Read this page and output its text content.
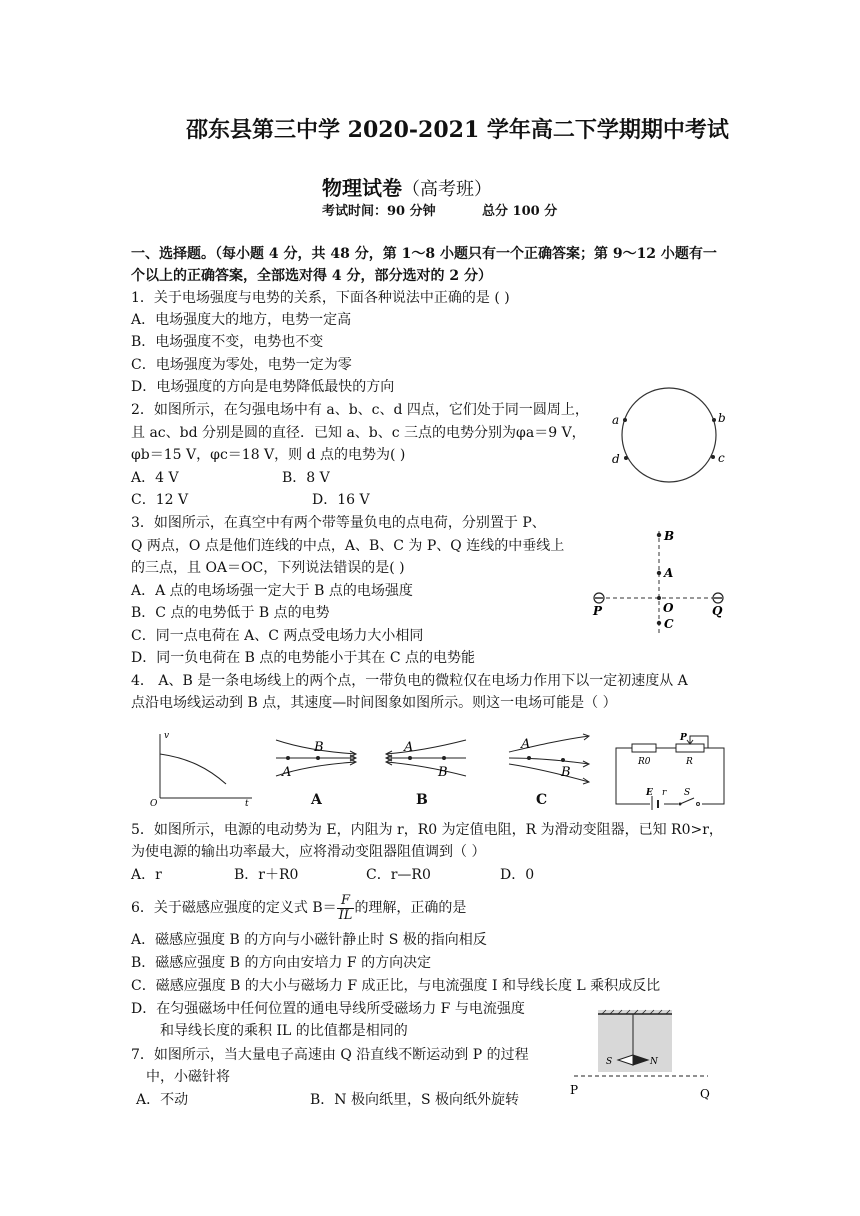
邵东县第三中学 2020-2021 学年高二下学期期中考试
物理试卷（高考班）
考试时间：90 分钟	总分 100 分
一、选择题。（每小题 4 分，共 48 分，第 1～8 小题只有一个正确答案；第 9～12 小题有一
个以上的正确答案，全部选对得 4 分，部分选对的 2 分）
1．关于电场强度与电势的关系，下面各种说法中正确的是 ( )
A．电场强度大的地方，电势一定高
B．电场强度不变，电势也不变
C．电场强度为零处，电势一定为零
D．电场强度的方向是电势降低最快的方向
2．如图所示，在匀强电场中有 a、b、c、d 四点，它们处于同一圆周上，
且 ac、bd 分别是圆的直径．已知 a、b、c 三点的电势分别为φa＝9 V，
φb＝15 V，φc＝18 V，则 d 点的电势为( )
A．4 V	B．8 V
C．12 V	D．16 V
a	b
c
d
3．如图所示，在真空中有两个带等量负电的点电荷，分别置于 P、
Q 两点，O 点是他们连线的中点，A、B、C 为 P、Q 连线的中垂线上
的三点，且 OA＝OC，下列说法错误的是( )
A．A 点的电场场强一定大于 B 点的电场强度
B．C 点的电势低于 B 点的电势
C．同一点电荷在 A、C 两点受电场力大小相同
D．同一负电荷在 B 点的电势能小于其在 C 点的电势能
B
A
O
C
P	Q
4． A、B 是一条电场线上的两个点，一带负电的微粒仅在电场力作用下以一定初速度从 A
点沿电场线运动到 B 点，其速度—时间图象如图所示。则这一电场可能是（ ）
v
t
O
B
A
A
A
B
B
A
B
C
R0	R
P
E r S
5．如图所示，电源的电动势为 E，内阻为 r，R0 为定值电阻，R 为滑动变阻器，已知 R0>r，
为使电源的输出功率最大，应将滑动变阻器阻值调到（ ）
A．r	B．r＋R0	C．r—R0	D．0
6．关于磁感应强度的定义式 $B= \frac{F}{IL}$ 的理解，正确的是
A．磁感应强度 B 的方向与小磁针静止时 S 极的指向相反
B．磁感应强度 B 的方向由安培力 F 的方向决定
C．磁感应强度 B 的大小与磁场力 F 成正比，与电流强度 I 和导线长度 L 乘积成反比
D．在匀强磁场中任何位置的通电导线所受磁场力 F 与电流强度
和导线长度的乘积 IL 的比值都是相同的
7．如图所示，当大量电子高速由 Q 沿直线不断运动到 P 的过程
中，小磁针将
A．不动	B．N 极向纸里，S 极向纸外旋转
S	N
P	Q
